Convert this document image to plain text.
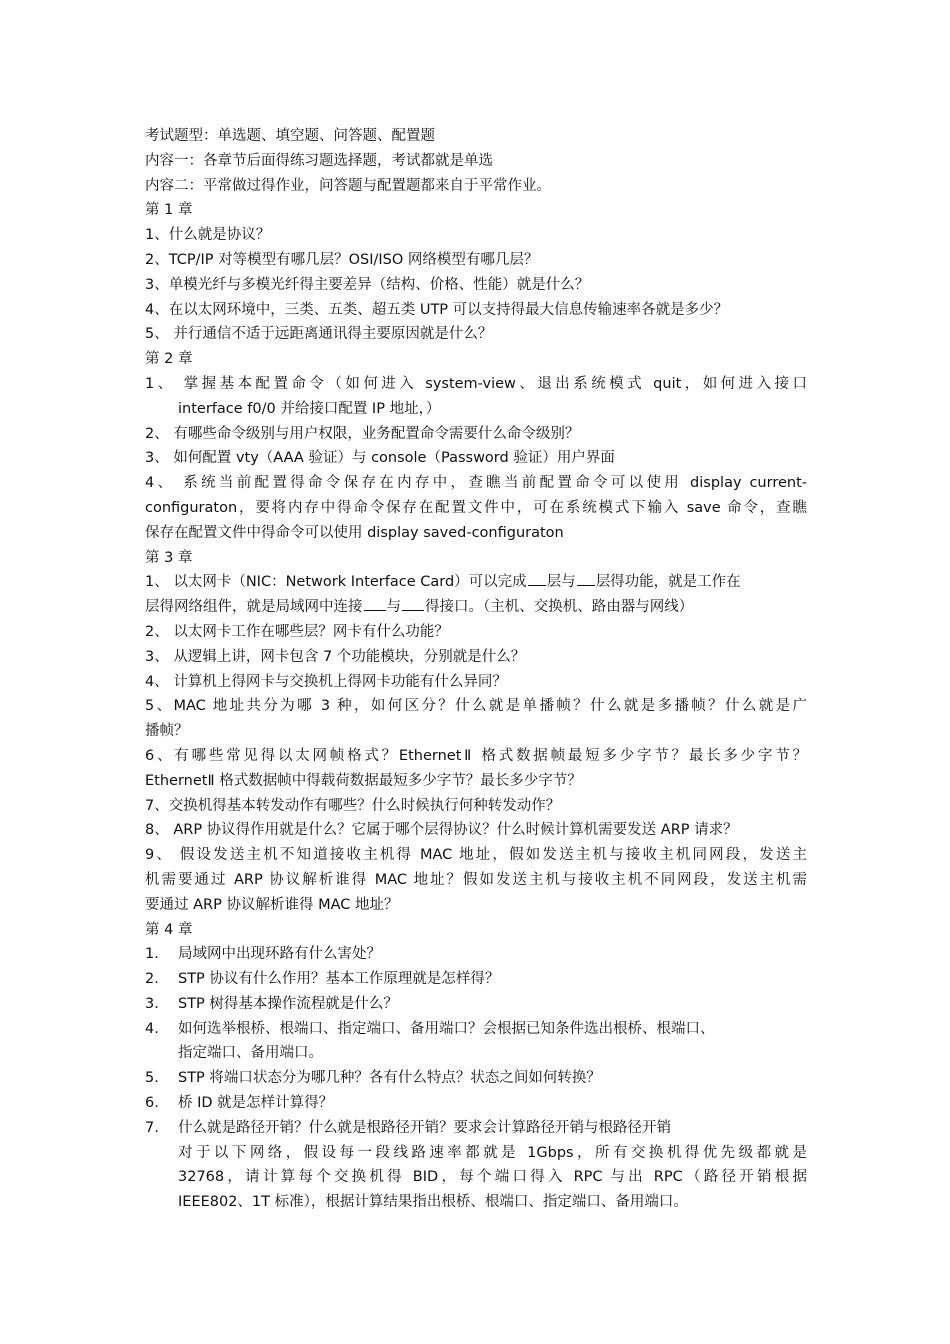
考试题型：单选题、填空题、问答题、配置题
内容一：各章节后面得练习题选择题，考试都就是单选
内容二：平常做过得作业，问答题与配置题都来自于平常作业。
第 1 章
1、什么就是协议？
2、TCP/IP 对等模型有哪几层？OSI/ISO 网络模型有哪几层？
3、单模光纤与多模光纤得主要差异（结构、价格、性能）就是什么？
4、在以太网环境中，三类、五类、超五类 UTP 可以支持得最大信息传输速率各就是多少？
5、 并行通信不适于远距离通讯得主要原因就是什么？
第 2 章
1、 掌握基本配置命令（如何进入 system-view、退出系统模式 quit，如何进入接口
interface f0/0 并给接口配置 IP 地址，）
2、 有哪些命令级别与用户权限，业务配置命令需要什么命令级别？
3、 如何配置 vty（AAA 验证）与 console（Password 验证）用户界面
4、 系统当前配置得命令保存在内存中，查瞧当前配置命令可以使用 display current-
configuraton，要将内存中得命令保存在配置文件中，可在系统模式下输入 save 命令，查瞧
保存在配置文件中得命令可以使用 display saved-configuraton
第 3 章
1、 以太网卡（NIC：Network Interface Card）可以完成 层与 层得功能，就是工作在
层得网络组件，就是局域网中连接 与 得接口。（主机、交换机、路由器与网线）
2、 以太网卡工作在哪些层？网卡有什么功能？
3、 从逻辑上讲，网卡包含 7 个功能模块，分别就是什么？
4、 计算机上得网卡与交换机上得网卡功能有什么异同？
5、MAC 地址共分为哪 3 种，如何区分？什么就是单播帧？什么就是多播帧？什么就是广
播帧？
6、有哪些常见得以太网帧格式？EthernetⅡ 格式数据帧最短多少字节？最长多少字节？
EthernetⅡ 格式数据帧中得载荷数据最短多少字节？最长多少字节？
7、交换机得基本转发动作有哪些？什么时候执行何种转发动作？
8、 ARP 协议得作用就是什么？它属于哪个层得协议？什么时候计算机需要发送 ARP 请求？
9、 假设发送主机不知道接收主机得 MAC 地址，假如发送主机与接收主机同网段，发送主
机需要通过 ARP 协议解析谁得 MAC 地址？假如发送主机与接收主机不同网段，发送主机需
要通过 ARP 协议解析谁得 MAC 地址？
第 4 章
1. 局域网中出现环路有什么害处？
2. STP 协议有什么作用？基本工作原理就是怎样得？
3. STP 树得基本操作流程就是什么？
4. 如何选举根桥、根端口、指定端口、备用端口？会根据已知条件选出根桥、根端口、
指定端口、备用端口。
5. STP 将端口状态分为哪几种？各有什么特点？状态之间如何转换？
6. 桥 ID 就是怎样计算得？
7. 什么就是路径开销？什么就是根路径开销？要求会计算路径开销与根路径开销
对于以下网络，假设每一段线路速率都就是 1Gbps，所有交换机得优先级都就是
32768，请计算每个交换机得 BID，每个端口得入 RPC 与出 RPC（路径开销根据
IEEE802、1T 标准），根据计算结果指出根桥、根端口、指定端口、备用端口。
